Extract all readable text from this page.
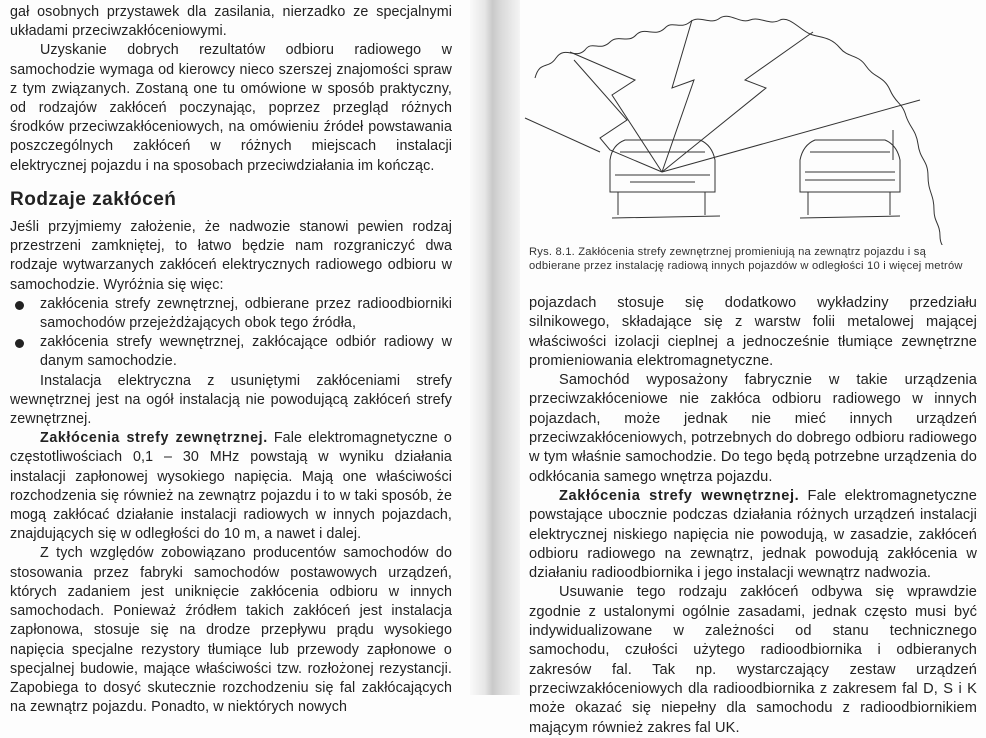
gał osobnych przystawek dla zasilania, nierzadko ze specjalnymi układami przeciwzakłóceniowymi.

Uzyskanie dobrych rezultatów odbioru radiowego w samochodzie wymaga od kierowcy nieco szerszej znajomości spraw z tym związanych. Zostaną one tu omówione w sposób praktyczny, od rodzajów zakłóceń poczynając, poprzez przegląd różnych środków przeciwzakłóceniowych, na omówieniu źródeł powstawania poszczególnych zakłóceń w różnych miejscach instalacji elektrycznej pojazdu i na sposobach przeciwdziałania im kończąc.

Rodzaje zakłóceń

Jeśli przyjmiemy założenie, że nadwozie stanowi pewien rodzaj przestrzeni zamkniętej, to łatwo będzie nam rozgraniczyć dwa rodzaje wytwarzanych zakłóceń elektrycznych radiowego odbioru w samochodzie. Wyróżnia się więc:

zakłócenia strefy zewnętrznej, odbierane przez radioodbiorniki samochodów przejeżdżających obok tego źródła,
zakłócenia strefy wewnętrznej, zakłócające odbiór radiowy w danym samochodzie.

Instalacja elektryczna z usuniętymi zakłóceniami strefy wewnętrznej jest na ogół instalacją nie powodującą zakłóceń strefy zewnętrznej.

Zakłócenia strefy zewnętrznej. Fale elektromagnetyczne o częstotliwościach 0,1 – 30 MHz powstają w wyniku działania instalacji zapłonowej wysokiego napięcia. Mają one właściwości rozchodzenia się również na zewnątrz pojazdu i to w taki sposób, że mogą zakłócać działanie instalacji radiowych w innych pojazdach, znajdujących się w odległości do 10 m, a nawet i dalej.

Z tych względów zobowiązano producentów samochodów do stosowania przez fabryki samochodów postawowych urządzeń, których zadaniem jest uniknięcie zakłócenia odbioru w innych samochodach. Ponieważ źródłem takich zakłóceń jest instalacja zapłonowa, stosuje się na drodze przepływu prądu wysokiego napięcia specjalne rezystory tłumiące lub przewody zapłonowe o specjalnej budowie, mające właściwości tzw. rozłożonej rezystancji. Zapobiega to dosyć skutecznie rozchodzeniu się fal zakłócających na zewnątrz pojazdu. Ponadto, w niektórych nowych

Rys. 8.1. Zakłócenia strefy zewnętrznej promieniują na zewnątrz pojazdu i są odbierane przez instalację radiową innych pojazdów w odległości 10 i więcej metrów

pojazdach stosuje się dodatkowo wykładziny przedziału silnikowego, składające się z warstw folii metalowej mającej właściwości izolacji cieplnej a jednocześnie tłumiące zewnętrzne promieniowania elektromagnetyczne.

Samochód wyposażony fabrycznie w takie urządzenia przeciwzakłóceniowe nie zakłóca odbioru radiowego w innych pojazdach, może jednak nie mieć innych urządzeń przeciwzakłóceniowych, potrzebnych do dobrego odbioru radiowego w tym właśnie samochodzie. Do tego będą potrzebne urządzenia do odkłócania samego wnętrza pojazdu.

Zakłócenia strefy wewnętrznej. Fale elektromagnetyczne powstające ubocznie podczas działania różnych urządzeń instalacji elektrycznej niskiego napięcia nie powodują, w zasadzie, zakłóceń odbioru radiowego na zewnątrz, jednak powodują zakłócenia w działaniu radioodbiornika i jego instalacji wewnątrz nadwozia.

Usuwanie tego rodzaju zakłóceń odbywa się wprawdzie zgodnie z ustalonymi ogólnie zasadami, jednak często musi być indywidualizowane w zależności od stanu technicznego samochodu, czułości użytego radioodbiornika i odbieranych zakresów fal. Tak np. wystarczający zestaw urządzeń przeciwzakłóceniowych dla radioodbiornika z zakresem fal D, S i K może okazać się niepełny dla samochodu z radioodbiornikiem mającym również zakres fal UK.
